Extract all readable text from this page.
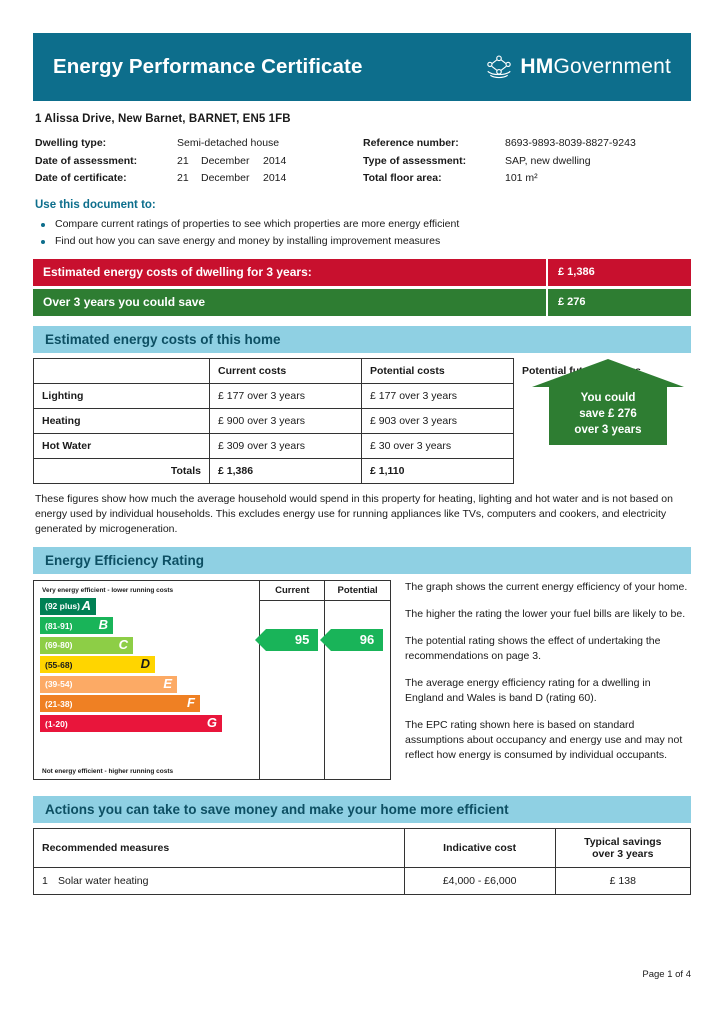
Energy Performance Certificate	HMGovernment
1 Alissa Drive, New Barnet, BARNET, EN5 1FB
Dwelling type:	Semi-detached house
Date of assessment:	21 December 2014
Date of certificate:	21 December 2014
Reference number:	8693-9893-8039-8827-9243
Type of assessment:	SAP, new dwelling
Total floor area:	101 m²
Use this document to:
Compare current ratings of properties to see which properties are more energy efficient
Find out how you can save energy and money by installing improvement measures
Estimated energy costs of dwelling for 3 years:	£ 1,386
Over 3 years you could save	£ 276
Estimated energy costs of this home
	Current costs	Potential costs	Potential future savings
Lighting	£ 177 over 3 years	£ 177 over 3 years	You could
save £ 276
over 3 years

Heating	£ 900 over 3 years	£ 903 over 3 years	
Hot Water	£ 309 over 3 years	£ 30 over 3 years	
Totals	£ 1,386	£ 1,110	
These figures show how much the average household would spend in this property for heating, lighting and hot water and is not based on energy used by individual households. This excludes energy use for running appliances like TVs, computers and cookers, and electricity generated by microgeneration.
Energy Efficiency Rating
Very energy efficient - lower running costs
(92 plus) A
(81-91) B
(69-80)	C
(55-68)	D
(39-54)	E
(21-38)	F
(1-20)	G
Not energy efficient - higher running costs
Current
95
Potential
96

The graph shows the current energy efficiency of your home.

The higher the rating the lower your fuel bills are likely to be.

The potential rating shows the effect of undertaking the recommendations on page 3.

The average energy efficiency rating for a dwelling in England and Wales is band D (rating 60).

The EPC rating shown here is based on standard assumptions about occupancy and energy use and may not reflect how energy is consumed by individual occupants.

Actions you can take to save money and make your home more efficient
Recommended measures	Indicative cost	Typical savings
		over 3 years
1 Solar water heating	£4,000 - £6,000	£ 138
Page 1 of 4
